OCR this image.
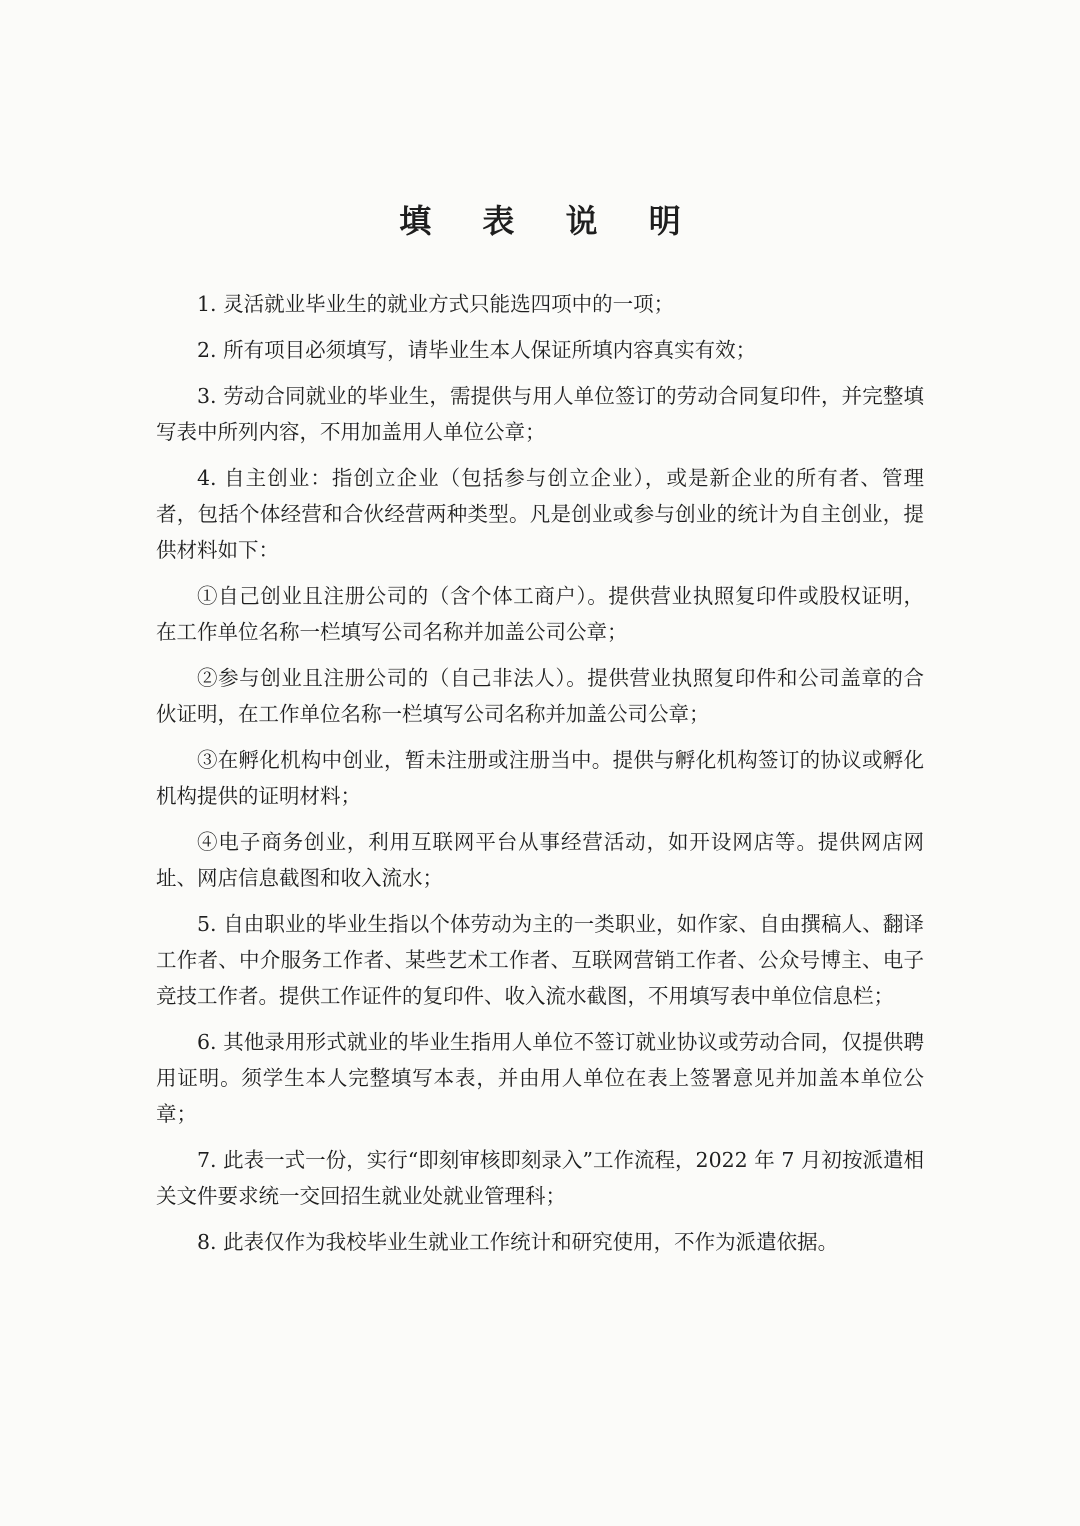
填 表 说 明

1. 灵活就业毕业生的就业方式只能选四项中的一项；

2. 所有项目必须填写，请毕业生本人保证所填内容真实有效；

3. 劳动合同就业的毕业生，需提供与用人单位签订的劳动合同复印件，并完整填写表中所列内容，不用加盖用人单位公章；

4. 自主创业：指创立企业（包括参与创立企业），或是新企业的所有者、管理者，包括个体经营和合伙经营两种类型。凡是创业或参与创业的统计为自主创业，提供材料如下：

①自己创业且注册公司的（含个体工商户）。提供营业执照复印件或股权证明，在工作单位名称一栏填写公司名称并加盖公司公章；

②参与创业且注册公司的（自己非法人）。提供营业执照复印件和公司盖章的合伙证明，在工作单位名称一栏填写公司名称并加盖公司公章；

③在孵化机构中创业，暂未注册或注册当中。提供与孵化机构签订的协议或孵化机构提供的证明材料；

④电子商务创业，利用互联网平台从事经营活动，如开设网店等。提供网店网址、网店信息截图和收入流水；

5. 自由职业的毕业生指以个体劳动为主的一类职业，如作家、自由撰稿人、翻译工作者、中介服务工作者、某些艺术工作者、互联网营销工作者、公众号博主、电子竞技工作者。提供工作证件的复印件、收入流水截图，不用填写表中单位信息栏；

6. 其他录用形式就业的毕业生指用人单位不签订就业协议或劳动合同，仅提供聘用证明。须学生本人完整填写本表，并由用人单位在表上签署意见并加盖本单位公章；

7. 此表一式一份，实行“即刻审核即刻录入”工作流程，2022 年 7 月初按派遣相关文件要求统一交回招生就业处就业管理科；

8. 此表仅作为我校毕业生就业工作统计和研究使用，不作为派遣依据。
